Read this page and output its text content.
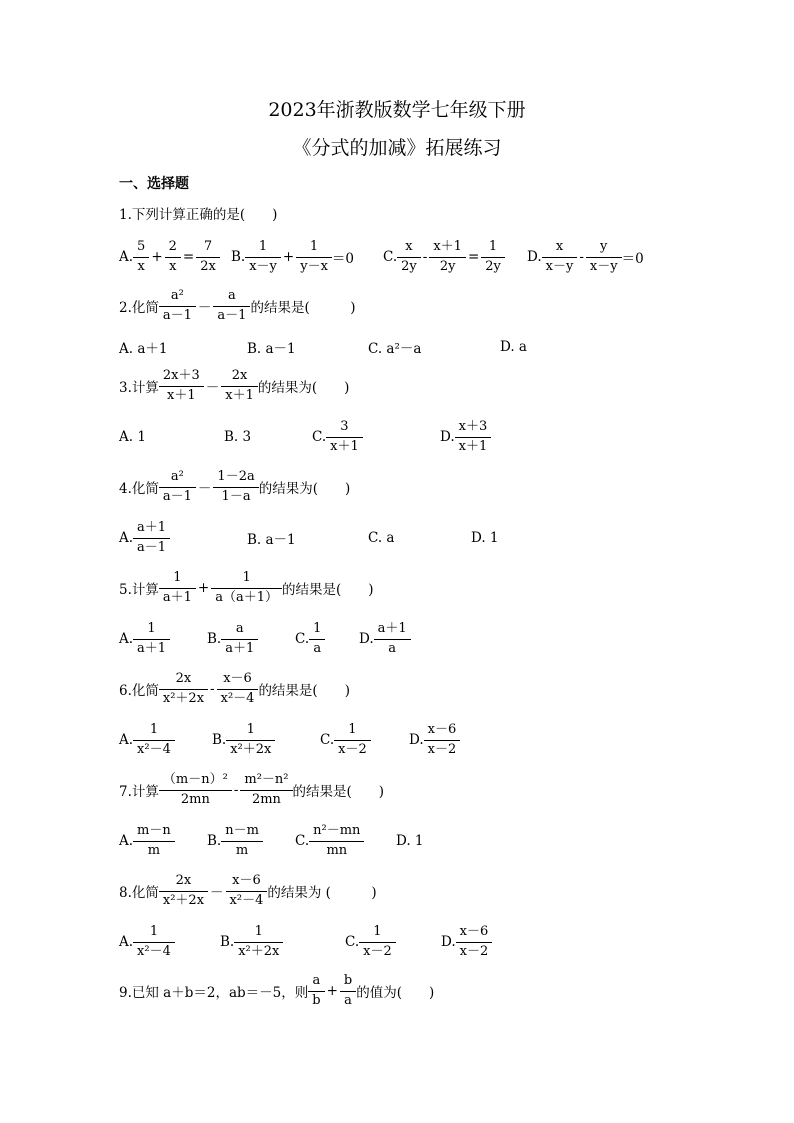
2023年浙教版数学七年级下册
《分式的加减》拓展练习
一、选择题
1.下列计算正确的是(　　)
A. $\frac{5}{x} + \frac{2}{x} = \frac{7}{2x} B$. $\frac{1}{x-y} + \frac{1}{y-x} =0$ C. $\frac{x}{2y} - \frac{x+1}{2y} = \frac{1}{2y} D$. $\frac{x}{x-y} - \frac{y}{x-y} =0$
2.化简 $\frac{\text{a²}}{a-1} - \frac{a}{a-1}$ 的结果是(　　　)
A. a＋1	B. a－1	C. a²－a	D. a
3.计算 $\frac{2x+3}{x+1} - \frac{2x}{x+1}$ 的结果为(　　)
A. 1	B. 3	C. $\frac{3}{x+1}$	D. $\frac{x+3}{x+1}$
4.化简 $\frac{\text{a²}}{a-1} - \frac{1-2a}{1-a}$ 的结果为(　　)
A. $\frac{a+1}{a-1}$	B. a－1	C. a	D. 1
5.计算 $\frac{1}{a+1} + \frac{1}{a(a+1)}$ 的结果是(　　)
A. $\frac{1}{a+1}$	B. $\frac{a}{a+1}$	C. $\frac{1}{a}$	D. $\frac{a+1}{a}$
6.化简 $\frac{2x}{\text{x²＋2x}} - \frac{x-6}{\text{x²－4}}$ 的结果是(　　)
A. $\frac{1}{\text{x²－4}}$	B. $\frac{1}{\text{x²＋2x}}$	C. $\frac{1}{x-2}$	D. $\frac{x-6}{x-2}$
7.计算 $\frac{\text{（m－n）²}}{2mn} - \frac{\text{m²－n²}}{2mn}$ 的结果是(　　)
A. $\frac{m-n}{m}$	B. $\frac{n-m}{m}$	C. $\frac{\text{n²－mn}}{mn} D$. 1
8.化简 $\frac{2x}{\text{x²＋2x}} - \frac{x-6}{\text{x²－4}}$ 的结果为 (　　　)
A. $\frac{1}{\text{x²－4}}$	B. $\frac{1}{\text{x²＋2x}}$	C. $\frac{1}{x-2}$	D. $\frac{x-6}{x-2}$
9.已知 a＋b＝2，ab＝－5，则 $\frac{a}{b} + \frac{b}{a}$ 的值为(　　)
